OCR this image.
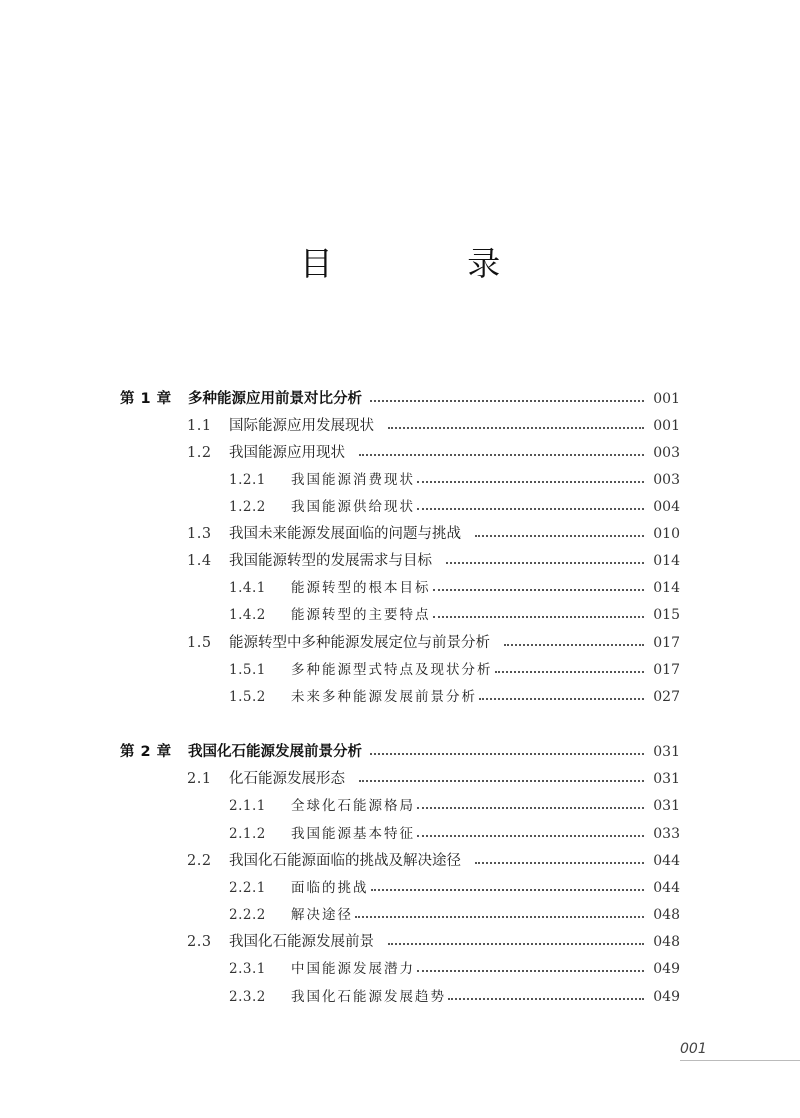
目 录
第 1 章	多种能源应用前景对比分析	001
1.1	国际能源应用发展现状	001
1.2	我国能源应用现状	003
1.2.1	我国能源消费现状	003
1.2.2	我国能源供给现状	004
1.3	我国未来能源发展面临的问题与挑战	010
1.4	我国能源转型的发展需求与目标	014
1.4.1	能源转型的根本目标	014
1.4.2	能源转型的主要特点	015
1.5	能源转型中多种能源发展定位与前景分析	017
1.5.1	多种能源型式特点及现状分析	017
1.5.2	未来多种能源发展前景分析	027
第 2 章	我国化石能源发展前景分析	031
2.1	化石能源发展形态	031
2.1.1	全球化石能源格局	031
2.1.2	我国能源基本特征	033
2.2	我国化石能源面临的挑战及解决途径	044
2.2.1	面临的挑战	044
2.2.2	解决途径	048
2.3	我国化石能源发展前景	048
2.3.1	中国能源发展潜力	049
2.3.2	我国化石能源发展趋势	049
001
